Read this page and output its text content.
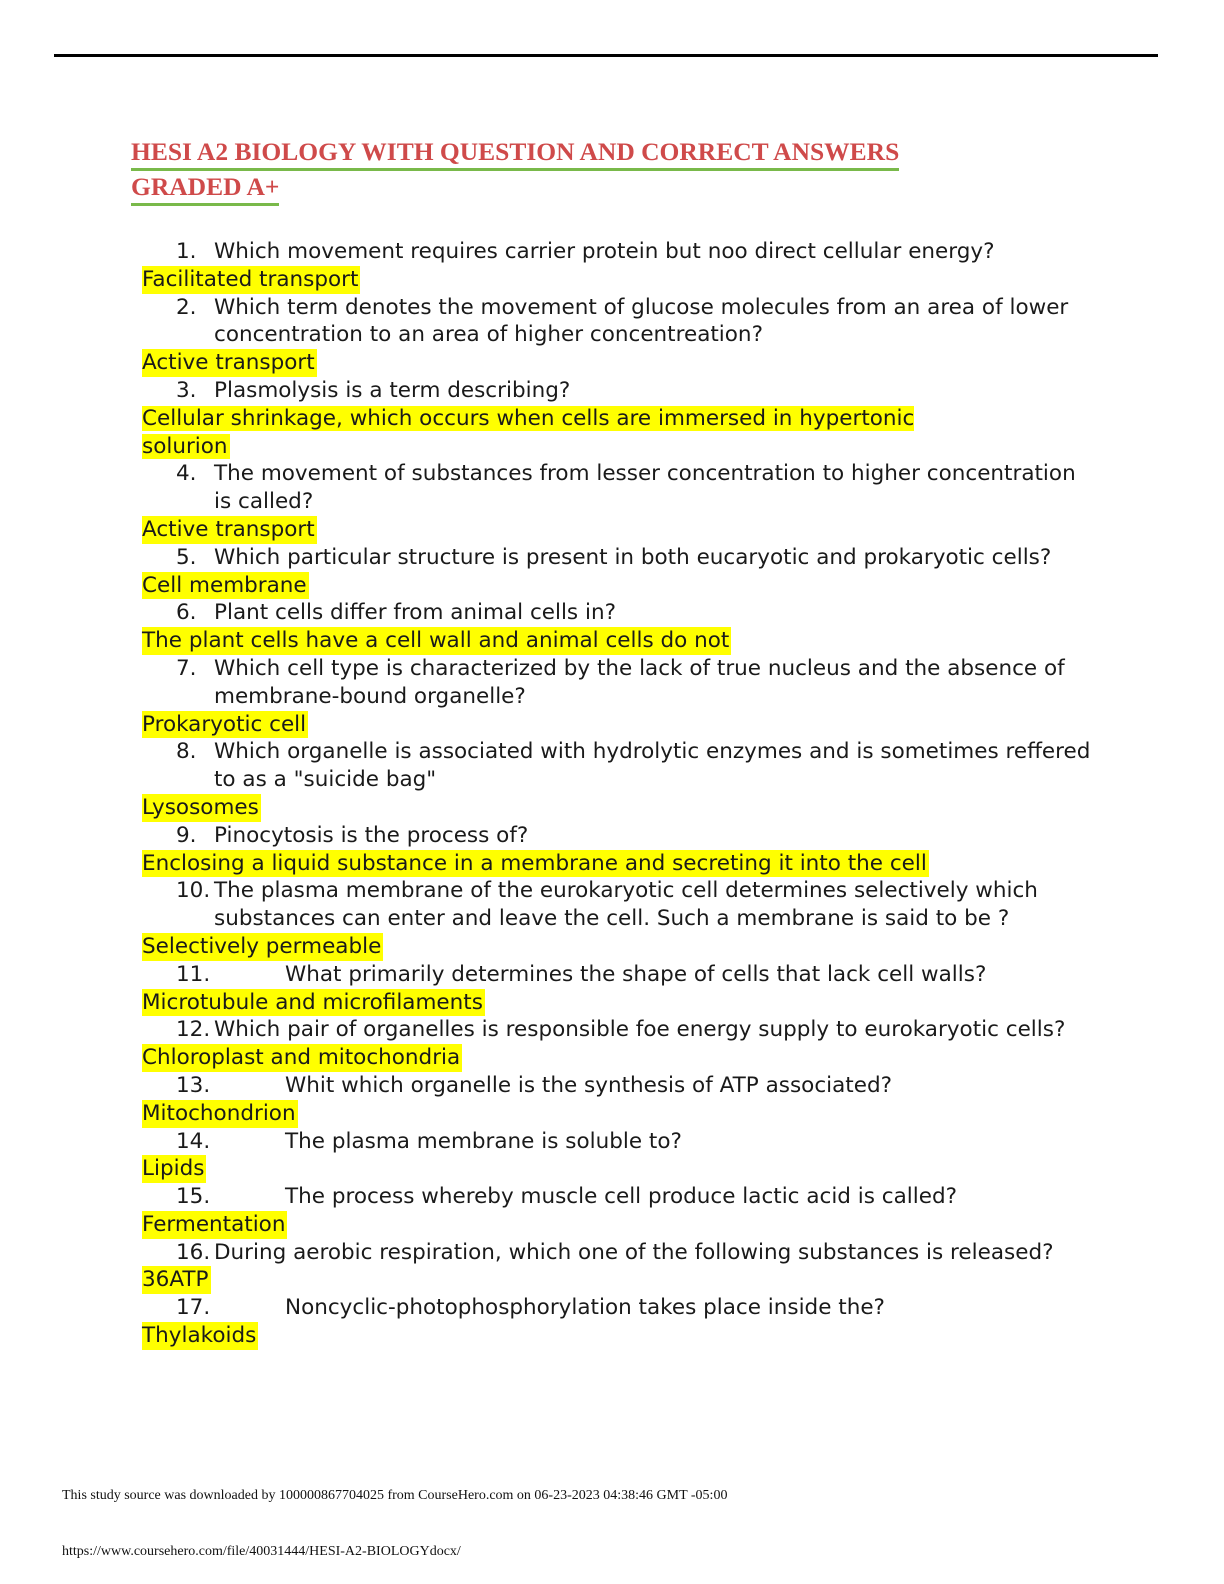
HESI A2 BIOLOGY WITH QUESTION AND CORRECT ANSWERS
GRADED A+
1. Which movement requires carrier protein but noo direct cellular energy?
Facilitated transport
2. Which term denotes the movement of glucose molecules from an area of lower concentration to an area of higher concentreation?
Active transport
3. Plasmolysis is a term describing?
Cellular shrinkage, which occurs when cells are immersed in hypertonic solurion
4. The movement of substances from lesser concentration to higher concentration is called?
Active transport
5. Which particular structure is present in both eucaryotic and prokaryotic cells?
Cell membrane
6. Plant cells differ from animal cells in?
The plant cells have a cell wall and animal cells do not
7. Which cell type is characterized by the lack of true nucleus and the absence of membrane-bound organelle?
Prokaryotic cell
8. Which organelle is associated with hydrolytic enzymes and is sometimes reffered to as a "suicide bag"
Lysosomes
9. Pinocytosis is the process of?
Enclosing a liquid substance in a membrane and secreting it into the cell
10. The plasma membrane of the eurokaryotic cell determines selectively which substances can enter and leave the cell. Such a membrane is said to be ?
Selectively permeable
11.	What primarily determines the shape of cells that lack cell walls?
Microtubule and microfilaments
12. Which pair of organelles is responsible foe energy supply to eurokaryotic cells?
Chloroplast and mitochondria
13.	Whit which organelle is the synthesis of ATP associated?
Mitochondrion
14.	The plasma membrane is soluble to?
Lipids
15.	The process whereby muscle cell produce lactic acid is called?
Fermentation
16. During aerobic respiration, which one of the following substances is released?
36ATP
17.	Noncyclic-photophosphorylation takes place inside the?
Thylakoids
This study source was downloaded by 100000867704025 from CourseHero.com on 06-23-2023 04:38:46 GMT -05:00
https://www.coursehero.com/file/40031444/HESI-A2-BIOLOGYdocx/
